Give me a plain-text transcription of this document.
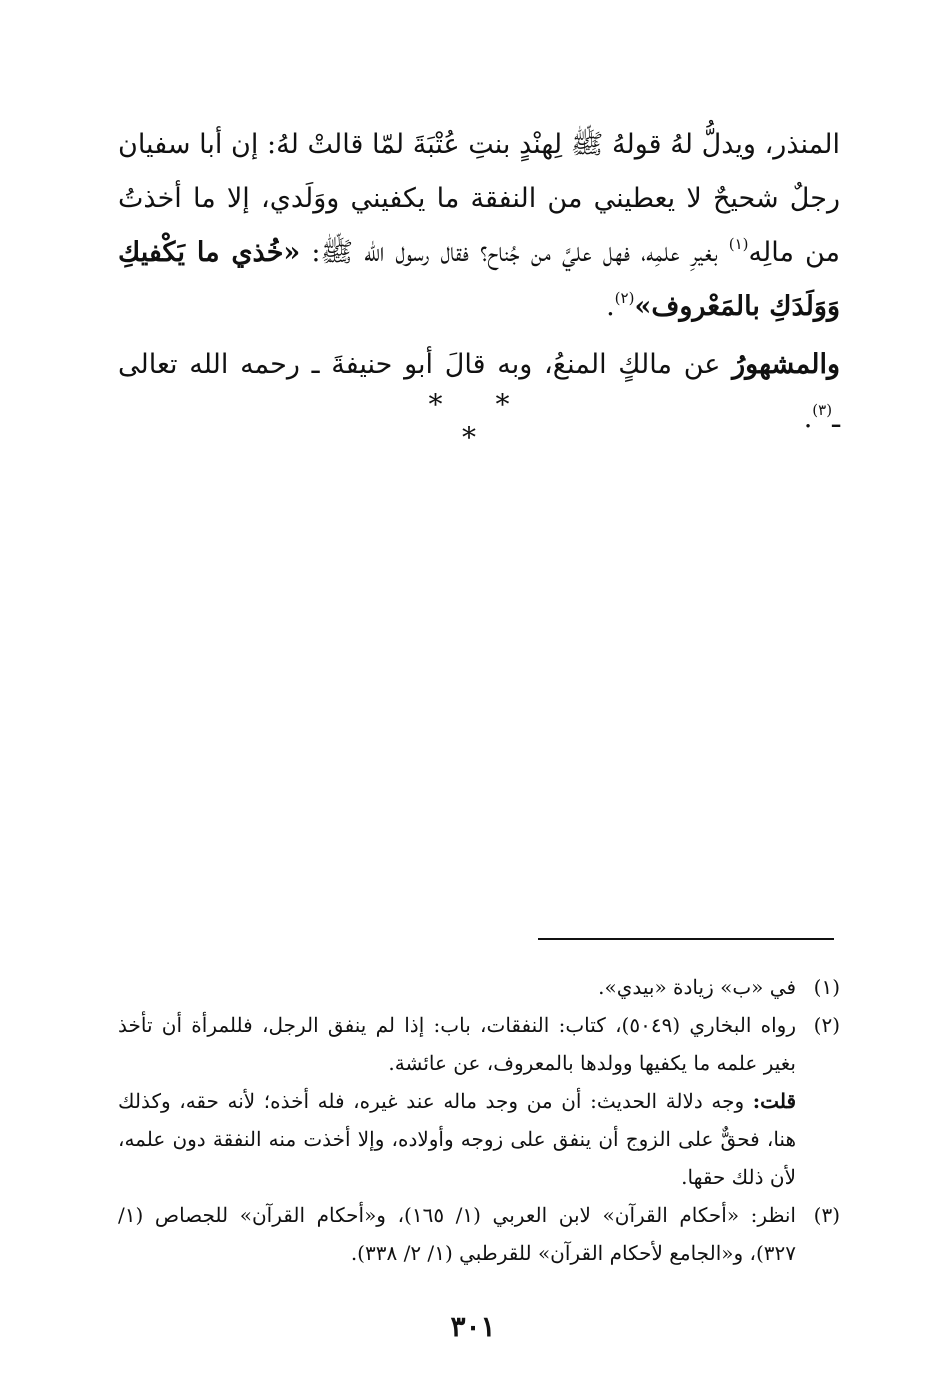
المنذر، ويدلُّ لهُ قولهُ ﷺ لِهنْدٍ بنتِ عُتْبَةَ لمّا قالتْ لهُ: إن أبا سفيان رجلٌ شحيحٌ لا يعطيني من النفقة ما يكفيني ووَلَدي، إلا ما أخذتُ من مالِه$^{(١)}$ بغيرِ علمِه، فهل عليَّ من جُناح؟ فقال رسول الله ﷺ: «خُذي ما يَكْفيكِ وَوَلَدَكِ بالمَعْروف»$^{(٢)}$.

والمشهورُ عن مالكٍ المنعُ، وبه قالَ أبو حنيفةَ ـ رحمه الله تعالى ـ$^{(٣)}$.

* * *
(١)

في «ب» زيادة «بيدي».

(٢)

رواه البخاري (٥٠٤٩)، كتاب: النفقات، باب: إذا لم ينفق الرجل، فللمرأة أن تأخذ بغير علمه ما يكفيها وولدها بالمعروف، عن عائشة.

قلت: وجه دلالة الحديث: أن من وجد ماله عند غيره، فله أخذه؛ لأنه حقه، وكذلك هنا، فحقٌّ على الزوج أن ينفق على زوجه وأولاده، وإلا أخذت منه النفقة دون علمه، لأن ذلك حقها.

(٣)

انظر: «أحكام القرآن» لابن العربي (١/ ١٦٥)، و«أحكام القرآن» للجصاص (١/ ٣٢٧)، و«الجامع لأحكام القرآن» للقرطبي (١/ ٢/ ٣٣٨).

٣٠١
